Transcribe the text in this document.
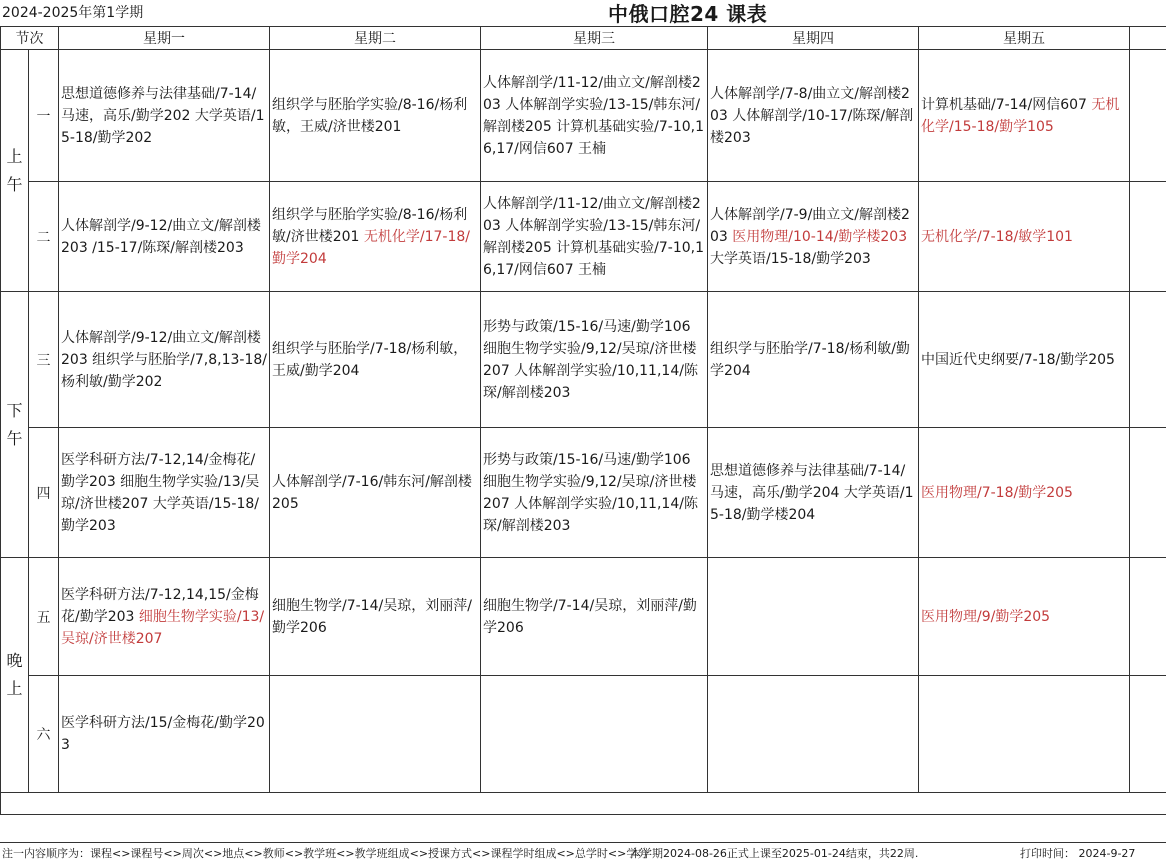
2024-2025年第1学期	中俄口腔24 课表
节次		星期一	星期二	星期三	星期四	星期五	
上午	一	思想道德修养与法律基础/7-14/马速，高乐/勤学202 大学英语/15-18/勤学202	组织学与胚胎学实验/8-16/杨利敏，王威/济世楼201	人体解剖学/11-12/曲立文/解剖楼203 人体解剖学实验/13-15/韩东河/解剖楼205 计算机基础实验/7-10,16,17/网信607 王楠	人体解剖学/7-8/曲立文/解剖楼203 人体解剖学/10-17/陈琛/解剖楼203	计算机基础/7-14/网信607 无机化学/15-18/勤学105	
	二	人体解剖学/9-12/曲立文/解剖楼203 /15-17/陈琛/解剖楼203	组织学与胚胎学实验/8-16/杨利敏/济世楼201 无机化学/17-18/勤学204	人体解剖学/11-12/曲立文/解剖楼203 人体解剖学实验/13-15/韩东河/解剖楼205 计算机基础实验/7-10,16,17/网信607 王楠	人体解剖学/7-9/曲立文/解剖楼203 医用物理/10-14/勤学楼203 大学英语/15-18/勤学203	无机化学/7-18/敏学101	
下午	三	人体解剖学/9-12/曲立文/解剖楼203 组织学与胚胎学/7,8,13-18/杨利敏/勤学202	组织学与胚胎学/7-18/杨利敏，王威/勤学204	形势与政策/15-16/马速/勤学106 细胞生物学实验/9,12/吴琼/济世楼207 人体解剖学实验/10,11,14/陈琛/解剖楼203	组织学与胚胎学/7-18/杨利敏/勤学204	中国近代史纲要/7-18/勤学205	
	四	医学科研方法/7-12,14/金梅花/勤学203 细胞生物学实验/13/吴琼/济世楼207 大学英语/15-18/勤学203	人体解剖学/7-16/韩东河/解剖楼205	形势与政策/15-16/马速/勤学106 细胞生物学实验/9,12/吴琼/济世楼207 人体解剖学实验/10,11,14/陈琛/解剖楼203	思想道德修养与法律基础/7-14/马速，高乐/勤学204 大学英语/15-18/勤学楼204	医用物理/7-18/勤学205	
晚上	五	医学科研方法/7-12,14,15/金梅花/勤学203 细胞生物学实验/13/吴琼/济世楼207	细胞生物学/7-14/吴琼，刘丽萍/勤学206	细胞生物学/7-14/吴琼，刘丽萍/勤学206		医用物理/9/勤学205	
	六	医学科研方法/15/金梅花/勤学203					

注一内容顺序为：课程<>课程号<>周次<>地点<>教师<>教学班<>教学班组成<>授课方式<>课程学时组成<>总学时<>学分
本学期2024-08-26正式上课至2025-01-24结束，共22周.	打印时间： 2024-9-27
